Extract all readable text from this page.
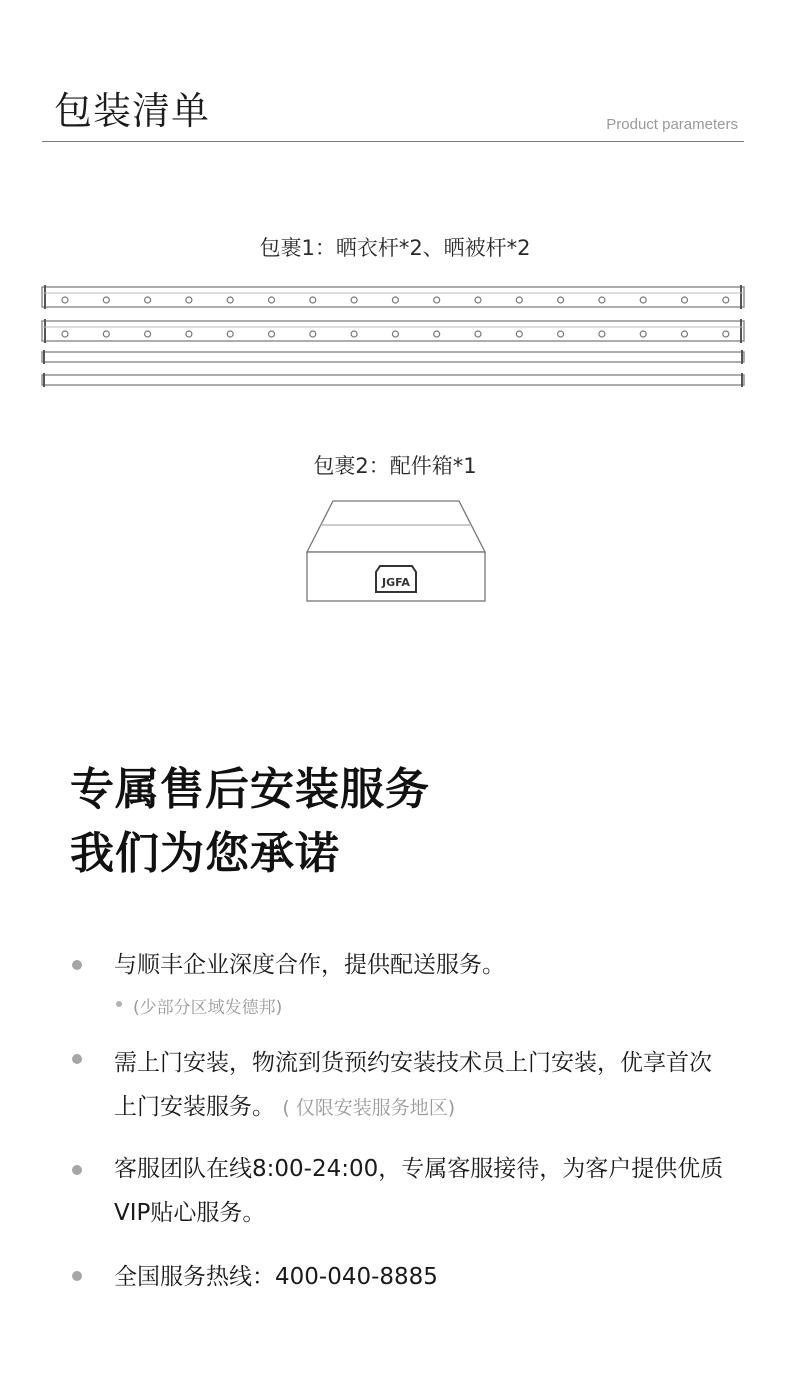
包装清单	Product parameters
包裹1：晒衣杆*2、晒被杆*2
包裹2：配件箱*1
JGFA
专属售后安装服务
我们为您承诺
与顺丰企业深度合作，提供配送服务。
(少部分区域发德邦)
需上门安装，物流到货预约安装技术员上门安装，优享首次上门安装服务。 ( 仅限安装服务地区)
客服团队在线8:00-24:00，专属客服接待，为客户提供优质VIP贴心服务。
全国服务热线：400-040-8885
